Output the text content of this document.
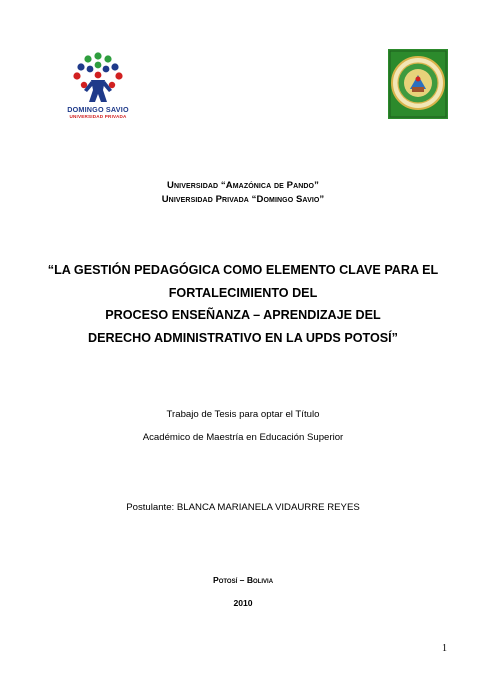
DOMINGO SAVIO
UNIVERSIDAD PRIVADA
Universidad “Amazónica de Pando”
Universidad Privada “Domingo Savio”
“LA GESTIÓN PEDAGÓGICA COMO ELEMENTO CLAVE PARA EL
FORTALECIMIENTO DEL
PROCESO ENSEÑANZA – APRENDIZAJE DEL
DERECHO ADMINISTRATIVO EN LA UPDS POTOSÍ”
Trabajo de Tesis para optar el Título
Académico de Maestría en Educación Superior
Postulante: BLANCA MARIANELA VIDAURRE REYES
Potosí – Bolivia
2010
1
